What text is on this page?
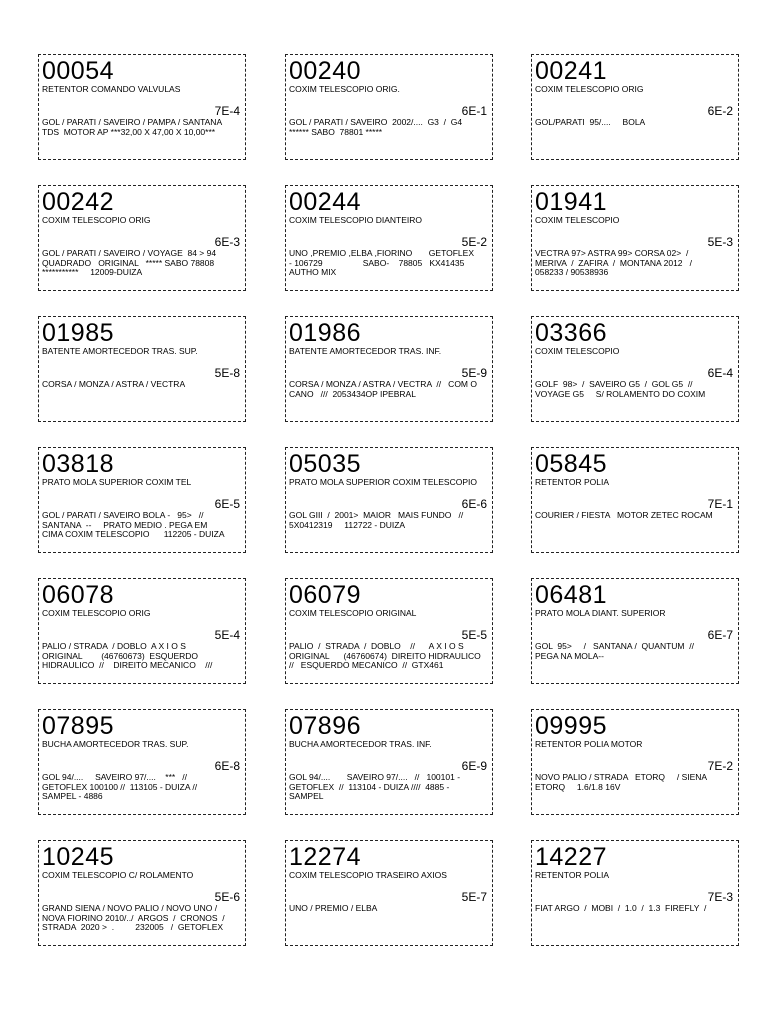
00054
RETENTOR COMANDO VALVULAS
7E-4
GOL / PARATI / SAVEIRO / PAMPA / SANTANA
TDS  MOTOR AP ***32,00 X 47,00 X 10,00***
00240
COXIM TELESCOPIO ORIG.
6E-1
GOL / PARATI / SAVEIRO  2002/....  G3  /  G4
****** SABO  78801 *****
00241
COXIM TELESCOPIO ORIG
6E-2
GOL/PARATI  95/....     BOLA
00242
COXIM TELESCOPIO ORIG
6E-3
GOL / PARATI / SAVEIRO / VOYAGE  84 > 94
QUADRADO   ORIGINAL   ***** SABO 78808
***********     12009-DUIZA
00244
COXIM TELESCOPIO DIANTEIRO
5E-2
UNO ,PREMIO ,ELBA ,FIORINO       GETOFLEX
- 106729                 SABO-    78805   KX41435
AUTHO MIX
01941
COXIM TELESCOPIO
5E-3
VECTRA 97> ASTRA 99> CORSA 02>  /
MERIVA  /  ZAFIRA  /  MONTANA 2012   /
058233 / 90538936
01985
BATENTE AMORTECEDOR TRAS. SUP.
5E-8
CORSA / MONZA / ASTRA / VECTRA
01986
BATENTE AMORTECEDOR TRAS. INF.
5E-9
CORSA / MONZA / ASTRA / VECTRA  //   COM O
CANO   ///  2053434OP IPEBRAL
03366
COXIM TELESCOPIO
6E-4
GOLF  98>  /  SAVEIRO G5  /  GOL G5  //
VOYAGE G5     S/ ROLAMENTO DO COXIM
03818
PRATO MOLA SUPERIOR COXIM TEL
6E-5
GOL / PARATI / SAVEIRO BOLA -   95>   //
SANTANA  --     PRATO MEDIO . PEGA EM
CIMA COXIM TELESCOPIO      112205 - DUIZA
05035
PRATO MOLA SUPERIOR COXIM TELESCOPIO
6E-6
GOL GIII  /  2001>  MAIOR   MAIS FUNDO   //
5X0412319     112722 - DUIZA
05845
RETENTOR POLIA
7E-1
COURIER / FIESTA   MOTOR ZETEC ROCAM
06078
COXIM TELESCOPIO ORIG
5E-4
PALIO / STRADA  / DOBLO  A X I O S
ORIGINAL        (46760673)  ESQUERDO
HIDRAULICO  //    DIREITO MECANICO    ///
06079
COXIM TELESCOPIO ORIGINAL
5E-5
PALIO  /  STRADA  /  DOBLO    //      A X I O S
ORIGINAL      (46760674)  DIREITO HIDRAULICO
//   ESQUERDO MECANICO  //  GTX461
06481
PRATO MOLA DIANT. SUPERIOR
6E-7
GOL  95>     /   SANTANA /  QUANTUM  //
PEGA NA MOLA--
07895
BUCHA AMORTECEDOR TRAS. SUP.
6E-8
GOL 94/....     SAVEIRO 97/....    ***   //
GETOFLEX 100100 //  113105 - DUIZA //
SAMPEL - 4886
07896
BUCHA AMORTECEDOR TRAS. INF.
6E-9
GOL 94/....       SAVEIRO 97/....   //   100101 -
GETOFLEX  //  113104 - DUIZA ////  4885 -
SAMPEL
09995
RETENTOR POLIA MOTOR
7E-2
NOVO PALIO / STRADA   ETORQ     / SIENA
ETORQ     1.6/1.8 16V
10245
COXIM TELESCOPIO C/ ROLAMENTO
5E-6
GRAND SIENA / NOVO PALIO / NOVO UNO /
NOVA FIORINO 2010/../  ARGOS  /  CRONOS  /
STRADA  2020 >  .         232005   /  GETOFLEX
12274
COXIM TELESCOPIO TRASEIRO AXIOS
5E-7
UNO / PREMIO / ELBA
14227
RETENTOR POLIA
7E-3
FIAT ARGO  /  MOBI  /  1.0  /  1.3  FIREFLY  /
